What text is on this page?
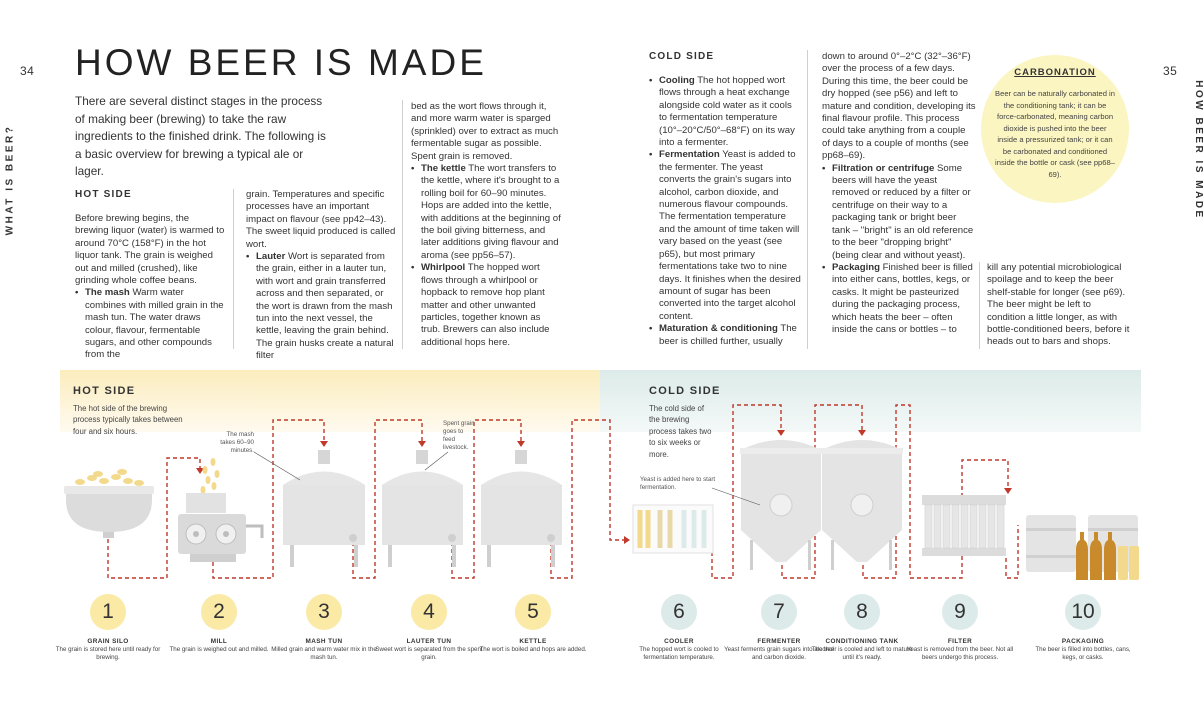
34	35
WHAT IS BEER?	HOW BEER IS MADE
HOW BEER IS MADE

There are several distinct stages in the process of making beer (brewing) to take the raw ingredients to the finished drink. The following is a basic overview for brewing a typical ale or lager.

HOT SIDE

Before brewing begins, the brewing liquor (water) is warmed to around 70°C (158°F) in the hot liquor tank. The grain is weighed out and milled (crushed), like grinding whole coffee beans.

• The mash Warm water combines with milled grain in the mash tun. The water draws colour, flavour, fermentable sugars, and other compounds from the

grain. Temperatures and specific processes have an important impact on flavour (see pp42–43). The sweet liquid produced is called wort.

• Lauter Wort is separated from the grain, either in a lauter tun, with wort and grain transferred across and then separated, or the wort is drawn from the mash tun into the next vessel, the kettle, leaving the grain behind. The grain husks create a natural filter

bed as the wort flows through it, and more warm water is sparged (sprinkled) over to extract as much fermentable sugar as possible. Spent grain is removed.

• The kettle The wort transfers to the kettle, where it's brought to a rolling boil for 60–90 minutes. Hops are added into the kettle, with additions at the beginning of the boil giving bitterness, and later additions giving flavour and aroma (see pp56–57).

• Whirlpool The hopped wort flows through a whirlpool or hopback to remove hop plant matter and other unwanted particles, together known as trub. Brewers can also include additional hops here.

COLD SIDE

• Cooling The hot hopped wort flows through a heat exchange alongside cold water as it cools to fermentation temperature (10°–20°C/50°–68°F) on its way into a fermenter.

• Fermentation Yeast is added to the fermenter. The yeast converts the grain's sugars into alcohol, carbon dioxide, and numerous flavour compounds. The fermentation temperature and the amount of time taken will vary based on the yeast (see p65), but most primary fermentations take two to nine days. It finishes when the desired amount of sugar has been converted into the target alcohol content.

• Maturation & conditioning The beer is chilled further, usually

down to around 0°–2°C (32°–36°F) over the process of a few days. During this time, the beer could be dry hopped (see p56) and left to mature and condition, developing its final flavour profile. This process could take anything from a couple of days to a couple of months (see pp68–69).

• Filtration or centrifuge Some beers will have the yeast removed or reduced by a filter or centrifuge on their way to a packaging tank or bright beer tank – "bright" is an old reference to the beer "dropping bright" (being clear and without yeast).

• Packaging Finished beer is filled into either cans, bottles, kegs, or casks. It might be pasteurized during the packaging process, which heats the beer – often inside the cans or bottles – to

kill any potential microbiological spoilage and to keep the beer shelf-stable for longer (see p69). The beer might be left to condition a little longer, as with bottle-conditioned beers, before it heads out to bars and shops.

CARBONATION
Beer can be naturally carbonated in the conditioning tank; it can be force-carbonated, meaning carbon dioxide is pushed into the beer inside a pressurized tank; or it can be carbonated and conditioned inside the bottle or cask (see pp68–69).
HOT SIDE	COLD SIDE
The hot side of the brewing process typically takes between four and six hours.
The cold side of the brewing process takes two to six weeks or more.
The mash takes 60–90 minutes.
Spent grain goes to feed livestock.
Yeast is added here to start fermentation.
1
GRAIN SILO
The grain is stored here until ready for brewing.
2
MILL
The grain is weighed out and milled.
3
MASH TUN
Milled grain and warm water mix in the mash tun.
4
LAUTER TUN
Sweet wort is separated from the spent grain.
5
KETTLE
The wort is boiled and hops are added.
6
COOLER
The hopped wort is cooled to fermentation temperature.
7
FERMENTER
Yeast ferments grain sugars into alcohol and carbon dioxide.
8
CONDITIONING TANK
The beer is cooled and left to mature until it's ready.
9
FILTER
Yeast is removed from the beer. Not all beers undergo this process.
10
PACKAGING
The beer is filled into bottles, cans, kegs, or casks.
